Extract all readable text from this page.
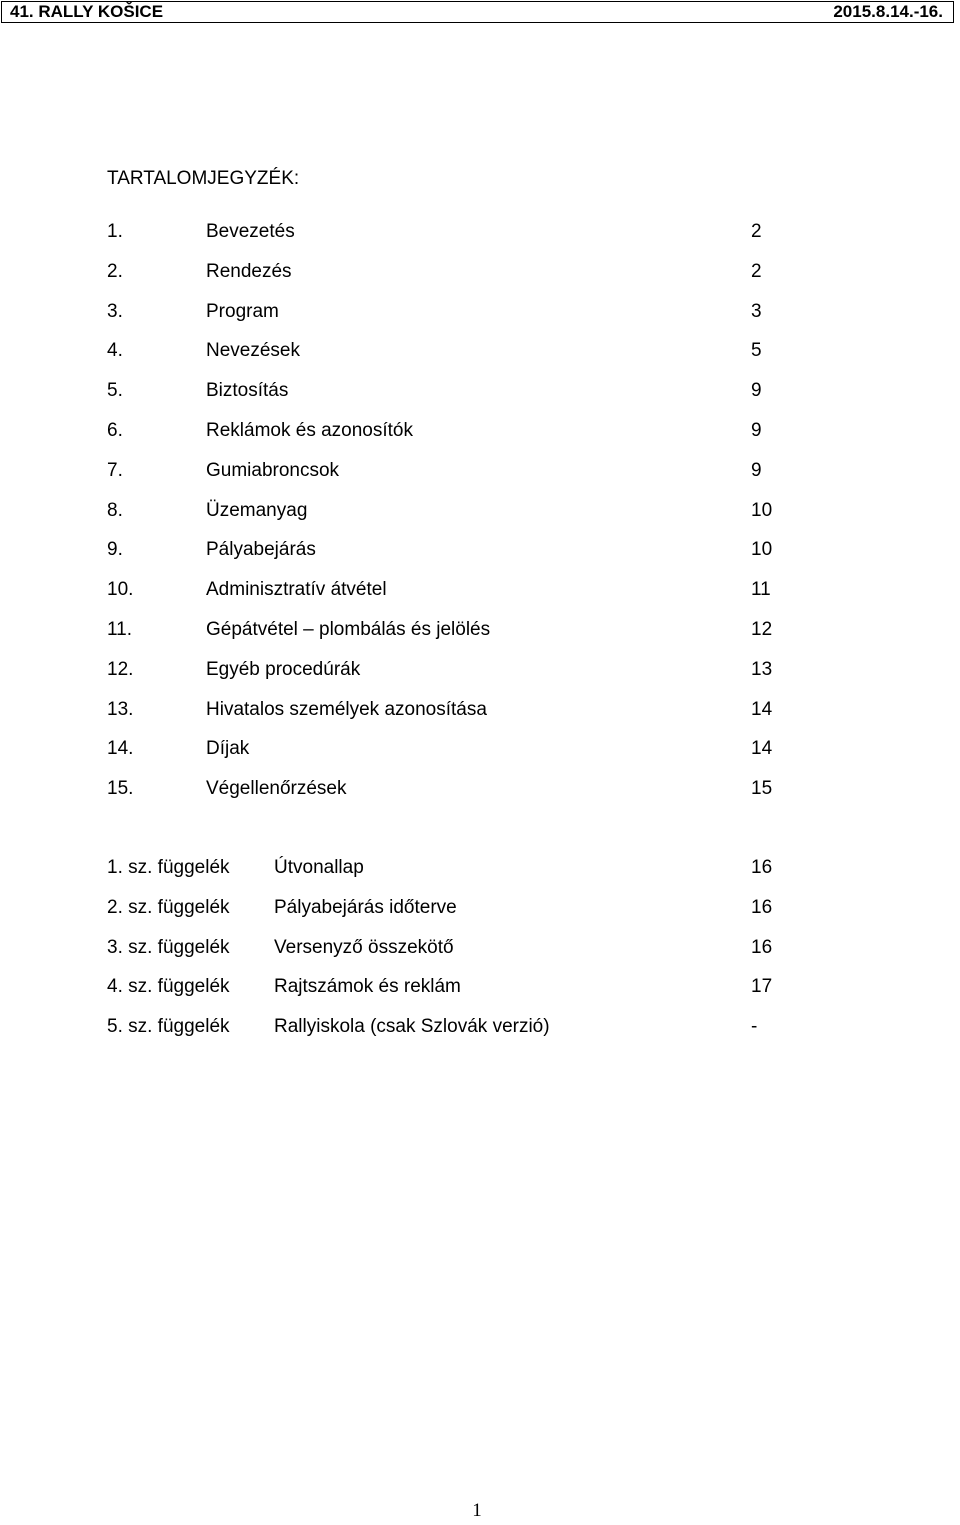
41. RALLY KOŠICE	2015.8.14.-16.
TARTALOMJEGYZÉK:
1.	Bevezetés	2
2.	Rendezés	2
3.	Program	3
4.	Nevezések	5
5.	Biztosítás	9
6.	Reklámok és azonosítók	9
7.	Gumiabroncsok	9
8.	Üzemanyag	10
9.	Pályabejárás	10
10.	Adminisztratív átvétel	11
11.	Gépátvétel – plombálás és jelölés	12
12.	Egyéb procedúrák	13
13.	Hivatalos személyek azonosítása	14
14.	Díjak	14
15.	Végellenőrzések	15
1. sz. függelék Útvonallap	16
2. sz. függelék Pályabejárás időterve	16
3. sz. függelék Versenyző összekötő	16
4. sz. függelék Rajtszámok és reklám	17
5. sz. függelék Rallyiskola (csak Szlovák verzió)	-
1
